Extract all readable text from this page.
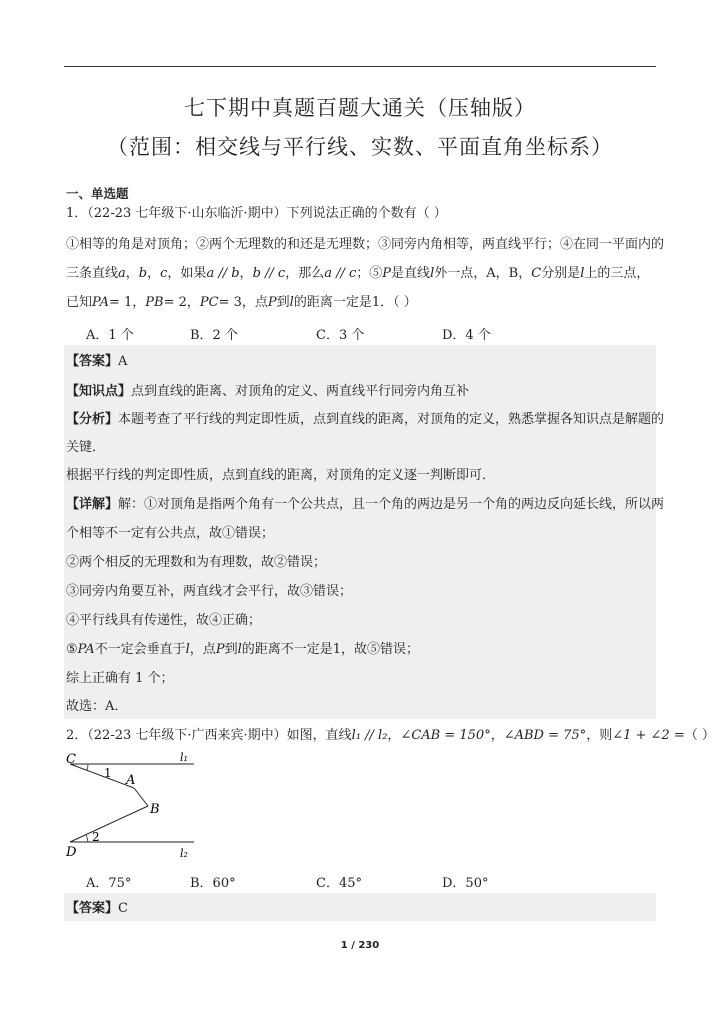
七下期中真题百题大通关（压轴版）
（范围：相交线与平行线、实数、平面直角坐标系）
一、单选题
1．（22-23 七年级下·山东临沂·期中）下列说法正确的个数有（ ）
①相等的角是对顶角；②两个无理数的和还是无理数；③同旁内角相等，两直线平行；④在同一平面内的
三条直线a，b，c，如果a // b，b // c，那么a // c；⑤P是直线l外一点，A，B，C分别是l上的三点，
已知PA= 1，PB= 2，PC= 3，点P到l的距离一定是1．（ ）
A．1 个	B．2 个	C．3 个	D．4 个
【答案】A
【知识点】点到直线的距离、对顶角的定义、两直线平行同旁内角互补
【分析】本题考查了平行线的判定即性质，点到直线的距离，对顶角的定义，熟悉掌握各知识点是解题的
关键．
根据平行线的判定即性质，点到直线的距离，对顶角的定义逐一判断即可．
【详解】解：①对顶角是指两个角有一个公共点，且一个角的两边是另一个角的两边反向延长线，所以两
个相等不一定有公共点，故①错误；
②两个相反的无理数和为有理数，故②错误；
③同旁内角要互补，两直线才会平行，故③错误；
④平行线具有传递性，故④正确；
⑤PA不一定会垂直于l，点P到l的距离不一定是1，故⑤错误；
综上正确有 1 个；
故选：A．
2．（22-23 七年级下·广西来宾·期中）如图，直线l₁ // l₂，∠CAB = 150°，∠ABD = 75°，则∠1 + ∠2 =（ ）
C
1 A
B
2
D
l₁
l₂
A．75°	B．60°	C．45°	D．50°
【答案】C
1 / 230
